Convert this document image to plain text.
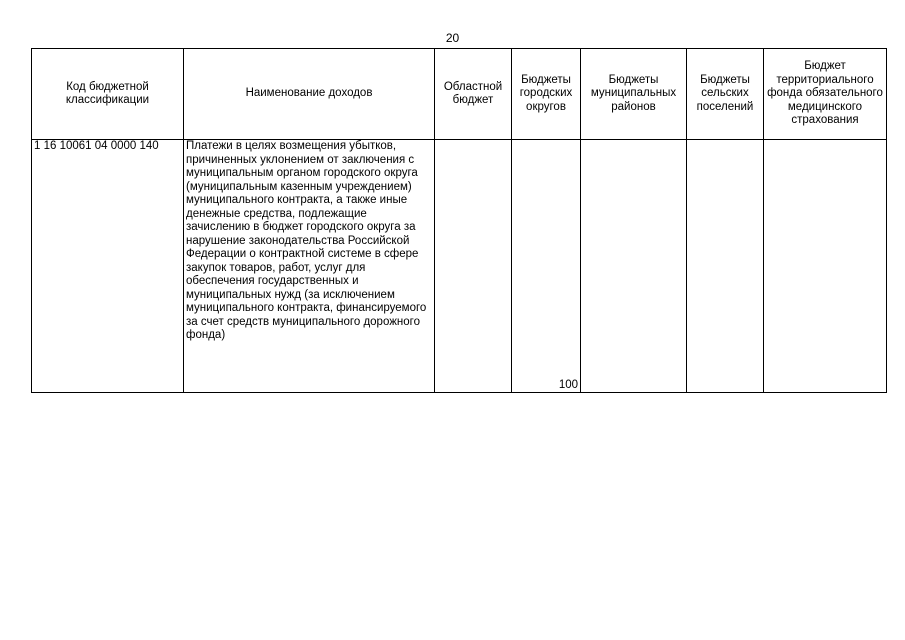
20
Код бюджетной классификации	Наименование доходов	Областной бюджет	Бюджеты городских округов	Бюджеты муниципальных районов	Бюджеты сельских поселений	Бюджет территориального фонда обязательного медицинского страхования
1 16 10061 04 0000 140	Платежи в целях возмещения убытков, причиненных уклонением от заключения с муниципальным органом городского округа (муниципальным казенным учреждением) муниципального контракта, а также иные денежные средства, подлежащие зачислению в бюджет городского округа за нарушение законодательства Российской Федерации о контрактной системе в сфере закупок товаров, работ, услуг для обеспечения государственных и муниципальных нужд (за исключением муниципального контракта, финансируемого за счет средств муниципального дорожного фонда)		100			
